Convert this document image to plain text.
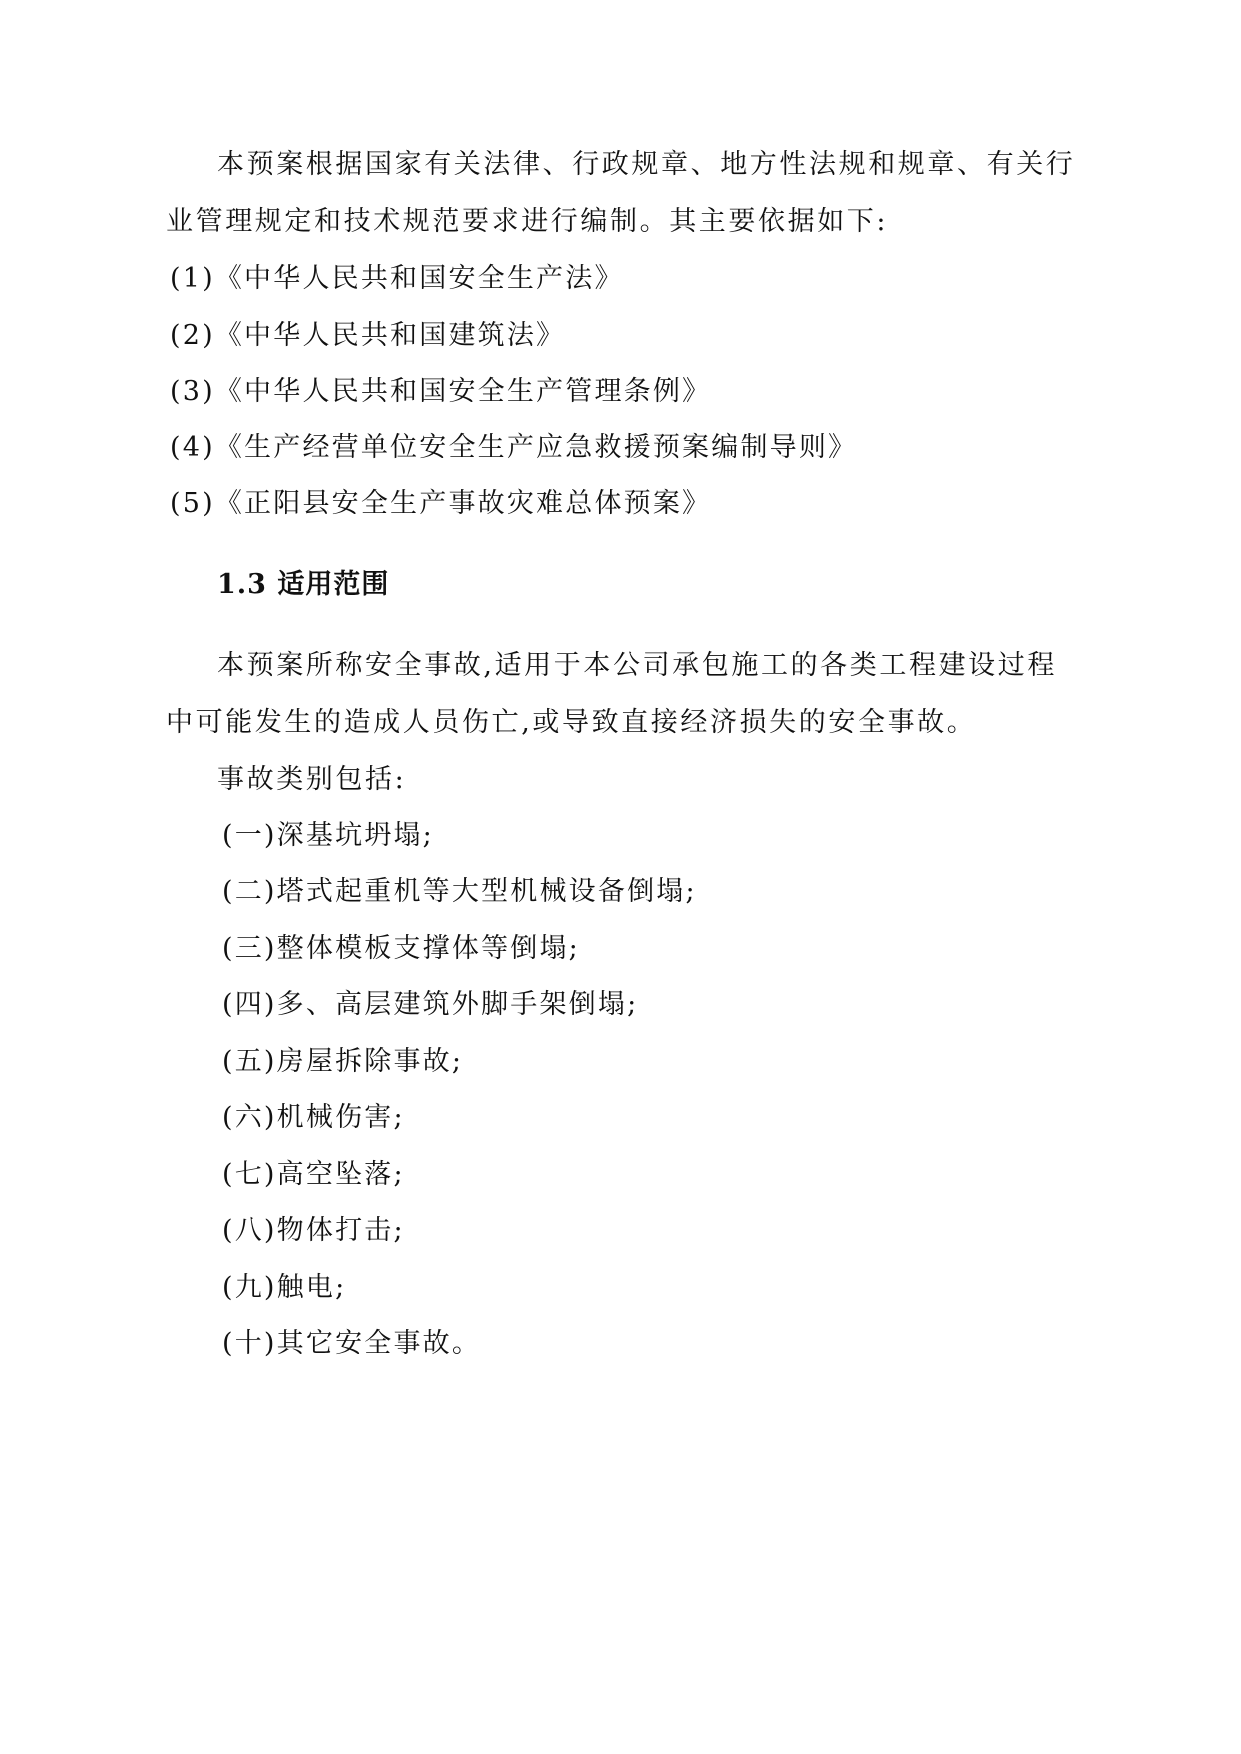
本预案根据国家有关法律、行政规章、地方性法规和规章、有关行
业管理规定和技术规范要求进行编制。其主要依据如下:
(1)《中华人民共和国安全生产法》
(2)《中华人民共和国建筑法》
(3)《中华人民共和国安全生产管理条例》
(4)《生产经营单位安全生产应急救援预案编制导则》
(5)《正阳县安全生产事故灾难总体预案》
1.3 适用范围
本预案所称安全事故,适用于本公司承包施工的各类工程建设过程
中可能发生的造成人员伤亡,或导致直接经济损失的安全事故。
事故类别包括:
(一)深基坑坍塌;
(二)塔式起重机等大型机械设备倒塌;
(三)整体模板支撑体等倒塌;
(四)多、高层建筑外脚手架倒塌;
(五)房屋拆除事故;
(六)机械伤害;
(七)高空坠落;
(八)物体打击;
(九)触电;
(十)其它安全事故。
